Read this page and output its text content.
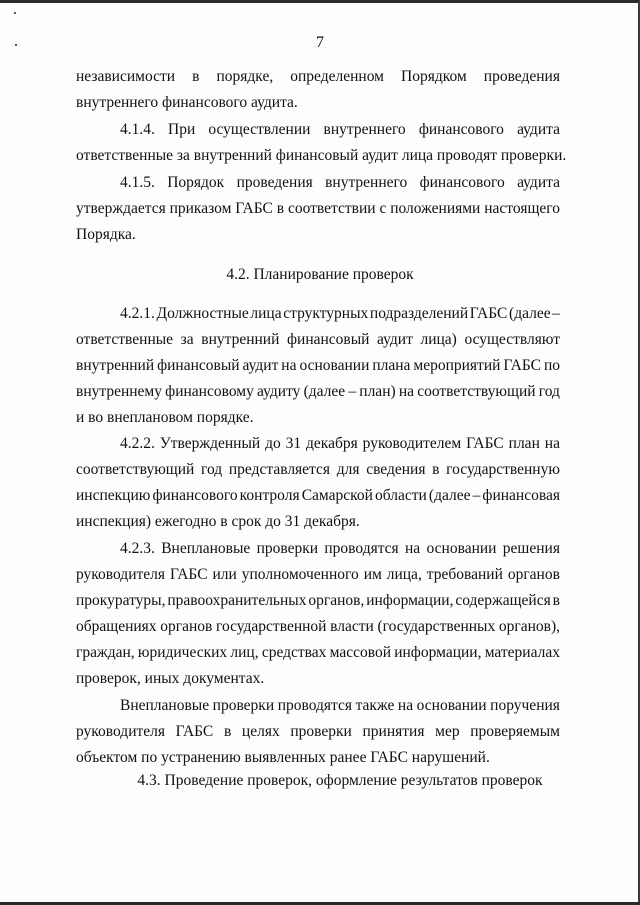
7
независимости в порядке, определенном Порядком проведения
внутреннего финансового аудита.
4.1.4. При осуществлении внутреннего финансового аудита
ответственные за внутренний финансовый аудит лица проводят проверки.
4.1.5. Порядок проведения внутреннего финансового аудита
утверждается приказом ГАБС в соответствии с положениями настоящего
Порядка.
4.2. Планирование проверок
4.2.1. Должностные лица структурных подразделений ГАБС (далее –
ответственные за внутренний финансовый аудит лица) осуществляют
внутренний финансовый аудит на основании плана мероприятий ГАБС по
внутреннему финансовому аудиту (далее – план) на соответствующий год
и во внеплановом порядке.
4.2.2. Утвержденный до 31 декабря руководителем ГАБС план на
соответствующий год представляется для сведения в государственную
инспекцию финансового контроля Самарской области (далее – финансовая
инспекция) ежегодно в срок до 31 декабря.
4.2.3. Внеплановые проверки проводятся на основании решения
руководителя ГАБС или уполномоченного им лица, требований органов
прокуратуры, правоохранительных органов, информации, содержащейся в
обращениях органов государственной власти (государственных органов),
граждан, юридических лиц, средствах массовой информации, материалах
проверок, иных документах.
Внеплановые проверки проводятся также на основании поручения
руководителя ГАБС в целях проверки принятия мер проверяемым
объектом по устранению выявленных ранее ГАБС нарушений.
4.3. Проведение проверок, оформление результатов проверок
